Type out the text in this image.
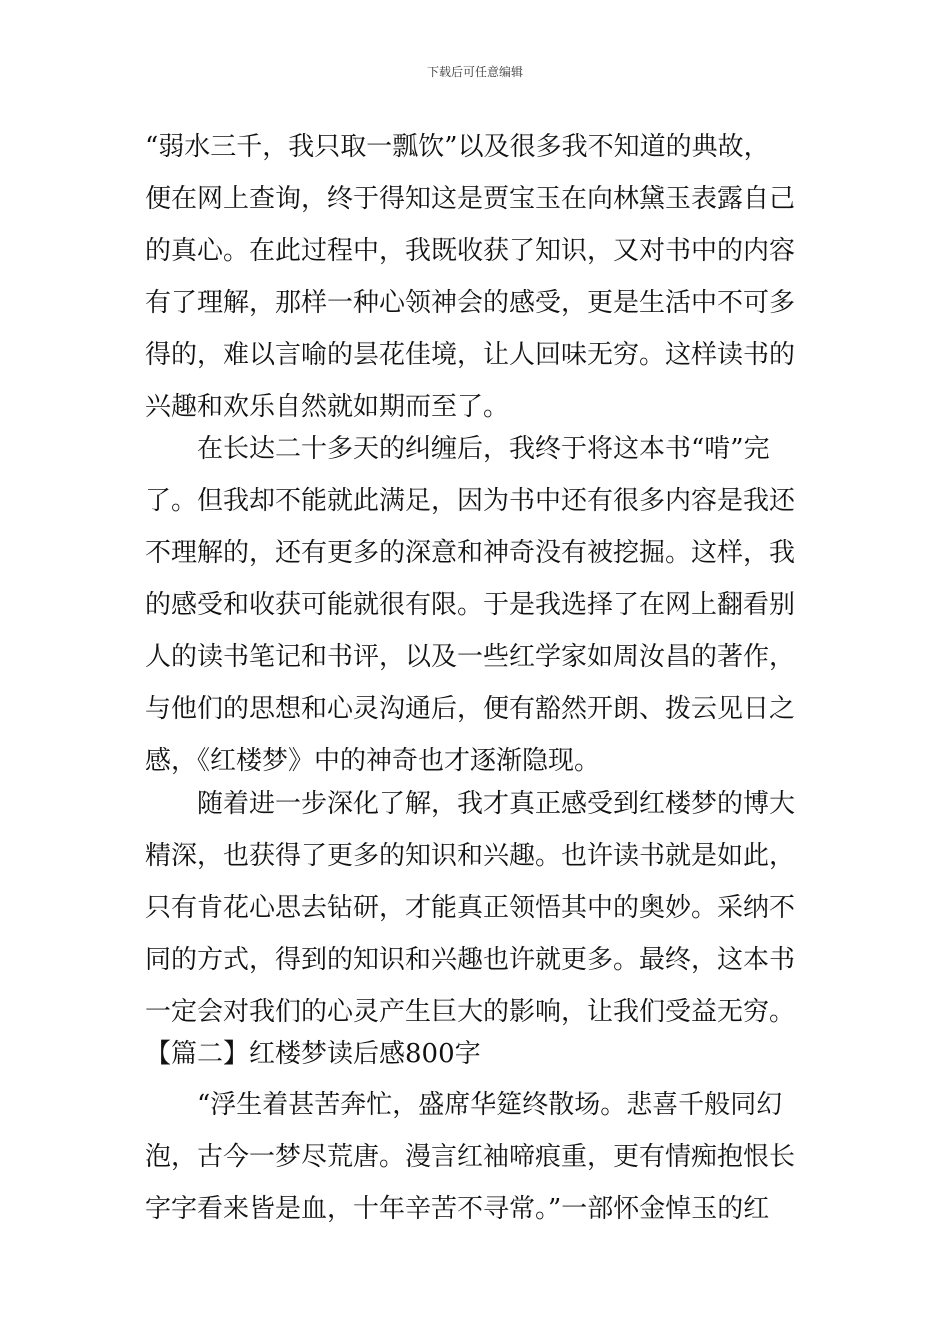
下载后可任意编辑
“弱水三千，我只取一瓢饮”以及很多我不知道的典故，
便在网上查询，终于得知这是贾宝玉在向林黛玉表露自己
的真心。在此过程中，我既收获了知识，又对书中的内容
有了理解，那样一种心领神会的感受，更是生活中不可多
得的，难以言喻的昙花佳境，让人回味无穷。这样读书的
兴趣和欢乐自然就如期而至了。
　　在长达二十多天的纠缠后，我终于将这本书“啃”完
了。但我却不能就此满足，因为书中还有很多内容是我还
不理解的，还有更多的深意和神奇没有被挖掘。这样，我
的感受和收获可能就很有限。于是我选择了在网上翻看别
人的读书笔记和书评，以及一些红学家如周汝昌的著作，
与他们的思想和心灵沟通后，便有豁然开朗、拨云见日之
感，《红楼梦》中的神奇也才逐渐隐现。
　　随着进一步深化了解，我才真正感受到红楼梦的博大
精深，也获得了更多的知识和兴趣。也许读书就是如此，
只有肯花心思去钻研，才能真正领悟其中的奥妙。采纳不
同的方式，得到的知识和兴趣也许就更多。最终，这本书
一定会对我们的心灵产生巨大的影响，让我们受益无穷。
【篇二】红楼梦读后感800字
　　“浮生着甚苦奔忙，盛席华筵终散场。悲喜千般同幻
泡，古今一梦尽荒唐。漫言红袖啼痕重，更有情痴抱恨长
字字看来皆是血，十年辛苦不寻常。”一部怀金悼玉的红
